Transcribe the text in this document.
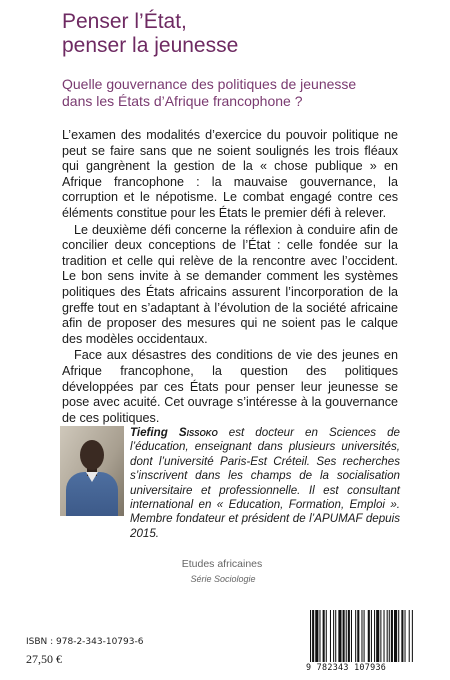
Penser l’État,
penser la jeunesse
Quelle gouvernance des politiques de jeunesse
dans les États d’Afrique francophone ?

L’examen des modalités d’exercice du pouvoir politique ne peut se faire sans que ne soient soulignés les trois fléaux qui gangrènent la gestion de la « chose publique » en Afrique francophone : la mauvaise gouvernance, la corruption et le népotisme. Le combat engagé contre ces éléments constitue pour les États le premier défi à relever.

Le deuxième défi concerne la réflexion à conduire afin de concilier deux conceptions de l’État : celle fondée sur la tradition et celle qui relève de la rencontre avec l’occident. Le bon sens invite à se demander comment les systèmes politiques des États africains assurent l’incorporation de la greffe tout en s’adaptant à l’évolution de la société africaine afin de proposer des mesures qui ne soient pas le calque des modèles occidentaux.

Face aux désastres des conditions de vie des jeunes en Afrique francophone, la question des politiques développées par ces États pour penser leur jeunesse se pose avec acuité. Cet ouvrage s’intéresse à la gouvernance de ces politiques.

Tiefing Sissoko est docteur en Sciences de l’éducation, enseignant dans plusieurs universités, dont l’université Paris-Est Créteil. Ses recherches s’inscrivent dans les champs de la socialisation universitaire et professionnelle. Il est consultant international en « Education, Formation, Emploi ». Membre fondateur et président de l’APUMAF depuis 2015.
Etudes africaines
Série Sociologie
ISBN : 978-2-343-10793-6
27,50 €
9 782343 107936
